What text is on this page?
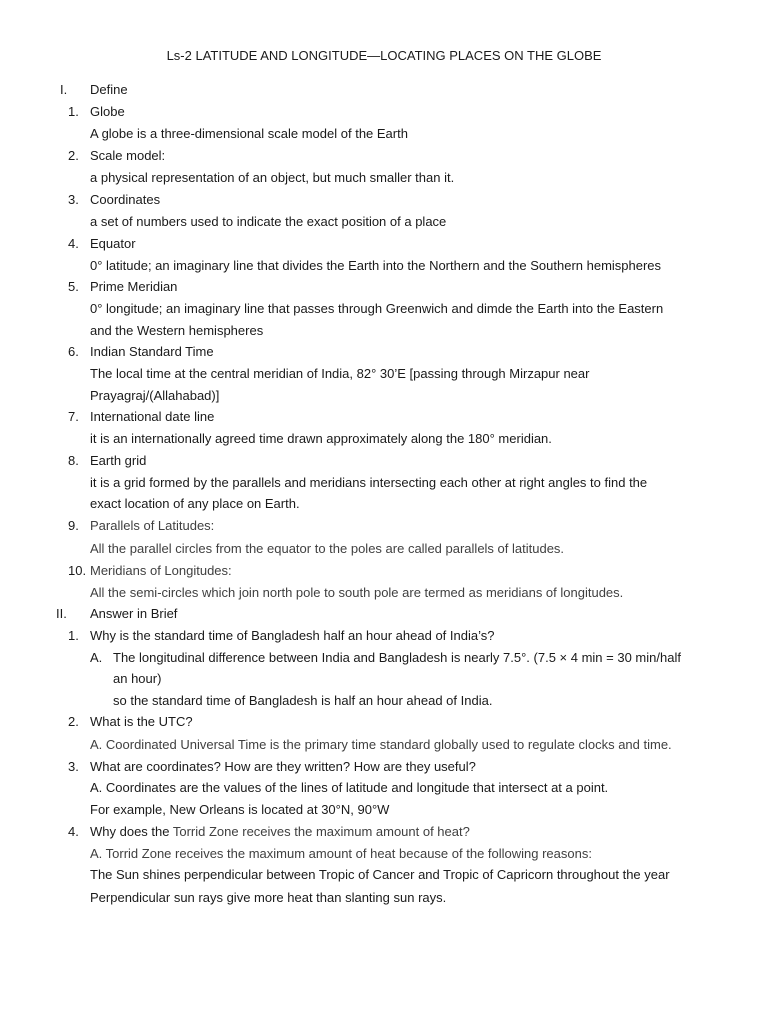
Ls-2 LATITUDE AND LONGITUDE—LOCATING PLACES ON THE GLOBE
I. Define
1. Globe
A globe is a three-dimensional scale model of the Earth
2. Scale model:
a physical representation of an object, but much smaller than it.
3. Coordinates
a set of numbers used to indicate the exact position of a place
4. Equator
0° latitude; an imaginary line that divides the Earth into the Northern and the Southern hemispheres
5. Prime Meridian
0° longitude; an imaginary line that passes through Greenwich and dimde the Earth into the Eastern
and the Western hemispheres
6. Indian Standard Time
The local time at the central meridian of India, 82° 30’E [passing through Mirzapur near
Prayagraj/(Allahabad)]
7. International date line
it is an internationally agreed time drawn approximately along the 180° meridian.
8. Earth grid
it is a grid formed by the parallels and meridians intersecting each other at right angles to find the
exact location of any place on Earth.
9. Parallels of Latitudes:
All the parallel circles from the equator to the poles are called parallels of latitudes.
10. Meridians of Longitudes:
All the semi-circles which join north pole to south pole are termed as meridians of longitudes.
II. Answer in Brief
1. Why is the standard time of Bangladesh half an hour ahead of India’s?
A. The longitudinal difference between India and Bangladesh is nearly 7.5°. (7.5 × 4 min = 30 min/half
an hour)
so the standard time of Bangladesh is half an hour ahead of India.
2. What is the UTC?
A. Coordinated Universal Time is the primary time standard globally used to regulate clocks and time.
3. What are coordinates? How are they written? How are they useful?
A. Coordinates are the values of the lines of latitude and longitude that intersect at a point.
For example, New Orleans is located at 30°N, 90°W
4. Why does the Torrid Zone receives the maximum amount of heat?
A. Torrid Zone receives the maximum amount of heat because of the following reasons:
The Sun shines perpendicular between Tropic of Cancer and Tropic of Capricorn throughout the year
Perpendicular sun rays give more heat than slanting sun rays.
